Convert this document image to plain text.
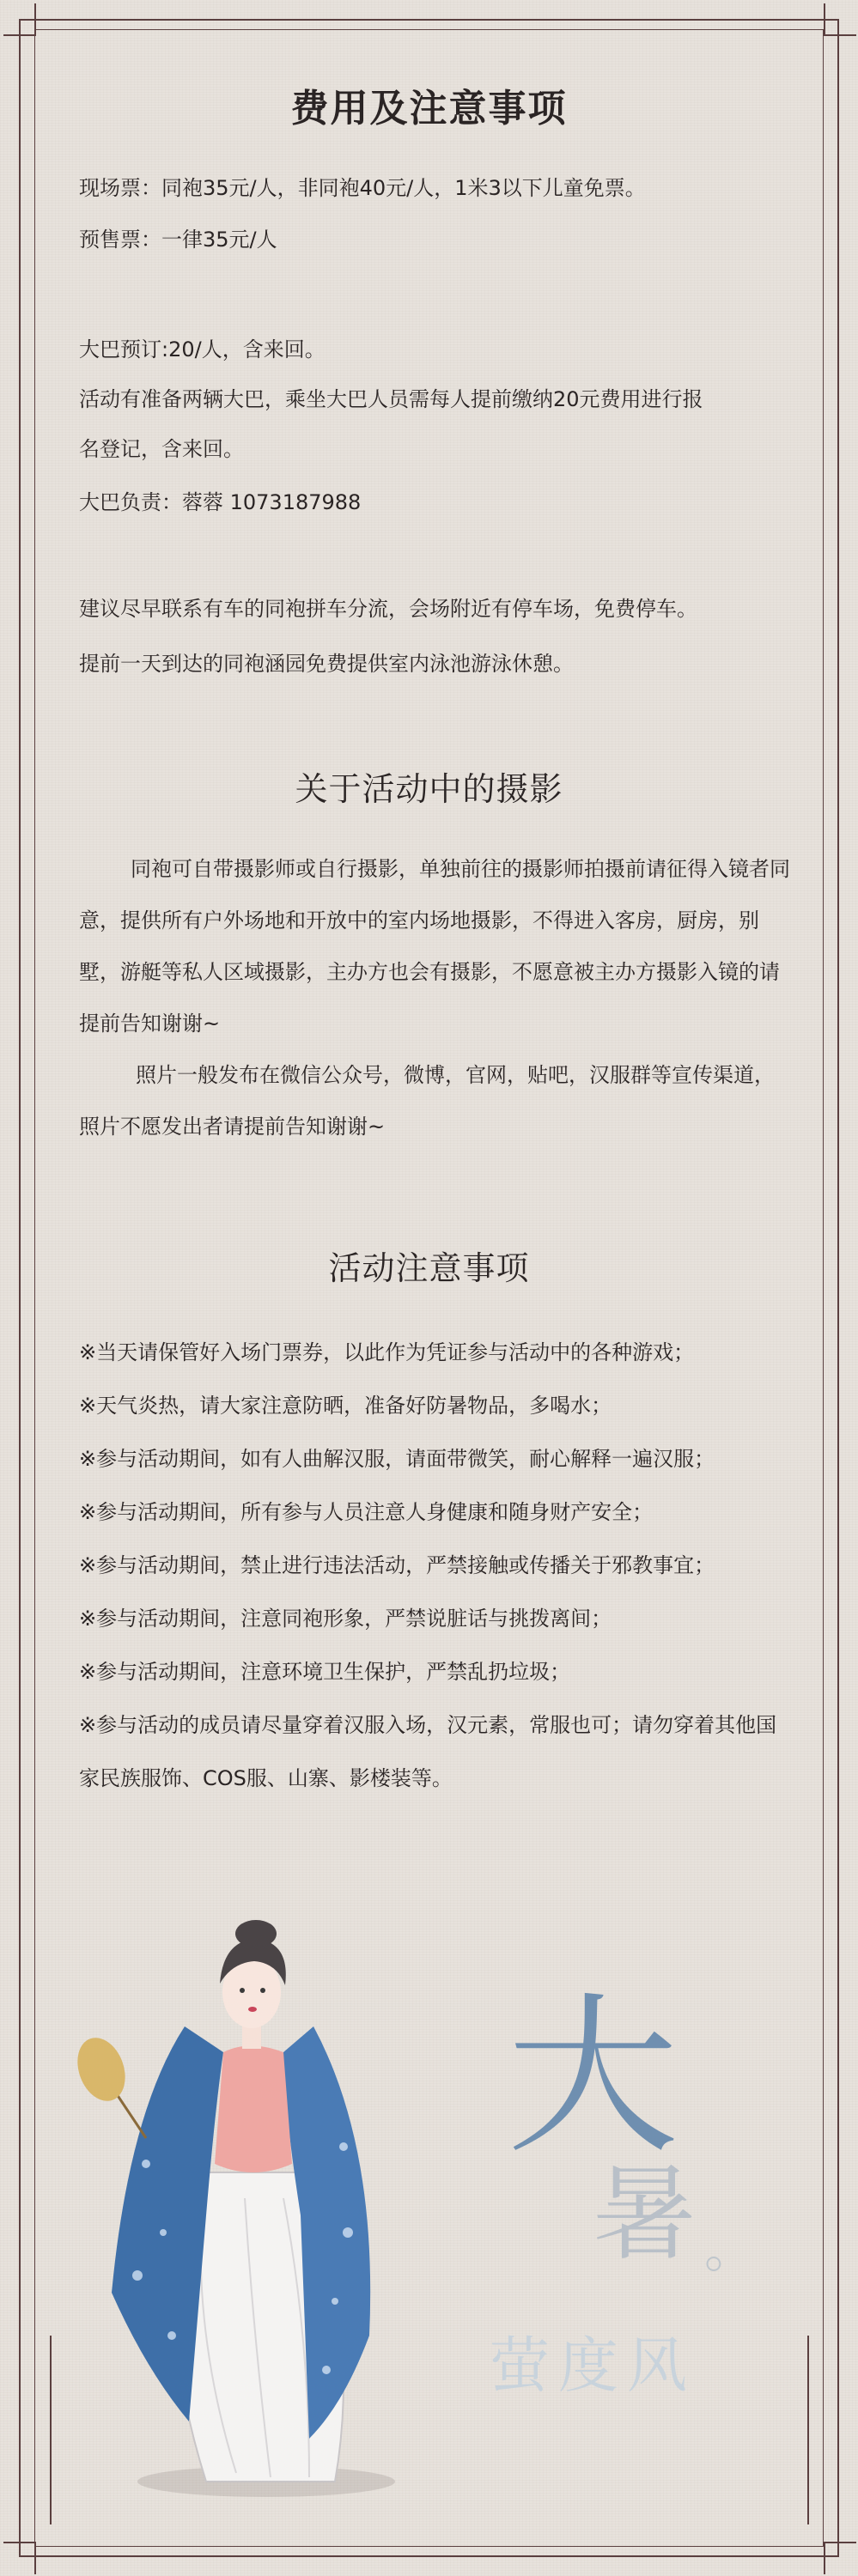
费用及注意事项

现场票：同袍35元/人，非同袍40元/人，1米3以下儿童免票。

预售票：一律35元/人

大巴预订:20/人，含来回。

活动有准备两辆大巴，乘坐大巴人员需每人提前缴纳20元费用进行报

名登记，含来回。

大巴负责：蓉蓉 1073187988

建议尽早联系有车的同袍拼车分流，会场附近有停车场，免费停车。

提前一天到达的同袍涵园免费提供室内泳池游泳休憩。

关于活动中的摄影

同袍可自带摄影师或自行摄影，单独前往的摄影师拍摄前请征得入镜者同意，提供所有户外场地和开放中的室内场地摄影，不得进入客房，厨房，别墅，游艇等私人区域摄影，主办方也会有摄影，不愿意被主办方摄影入镜的请提前告知谢谢~

照片一般发布在微信公众号，微博，官网，贴吧，汉服群等宣传渠道，照片不愿发出者请提前告知谢谢~

活动注意事项

※当天请保管好入场门票券，以此作为凭证参与活动中的各种游戏；

※天气炎热，请大家注意防晒，准备好防暑物品，多喝水；

※参与活动期间，如有人曲解汉服，请面带微笑，耐心解释一遍汉服；

※参与活动期间，所有参与人员注意人身健康和随身财产安全；

※参与活动期间，禁止进行违法活动，严禁接触或传播关于邪教事宜；

※参与活动期间，注意同袍形象，严禁说脏话与挑拨离间；

※参与活动期间，注意环境卫生保护，严禁乱扔垃圾；

※参与活动的成员请尽量穿着汉服入场，汉元素，常服也可；请勿穿着其他国家民族服饰、COS服、山寨、影楼装等。

大
暑 。
萤度风
